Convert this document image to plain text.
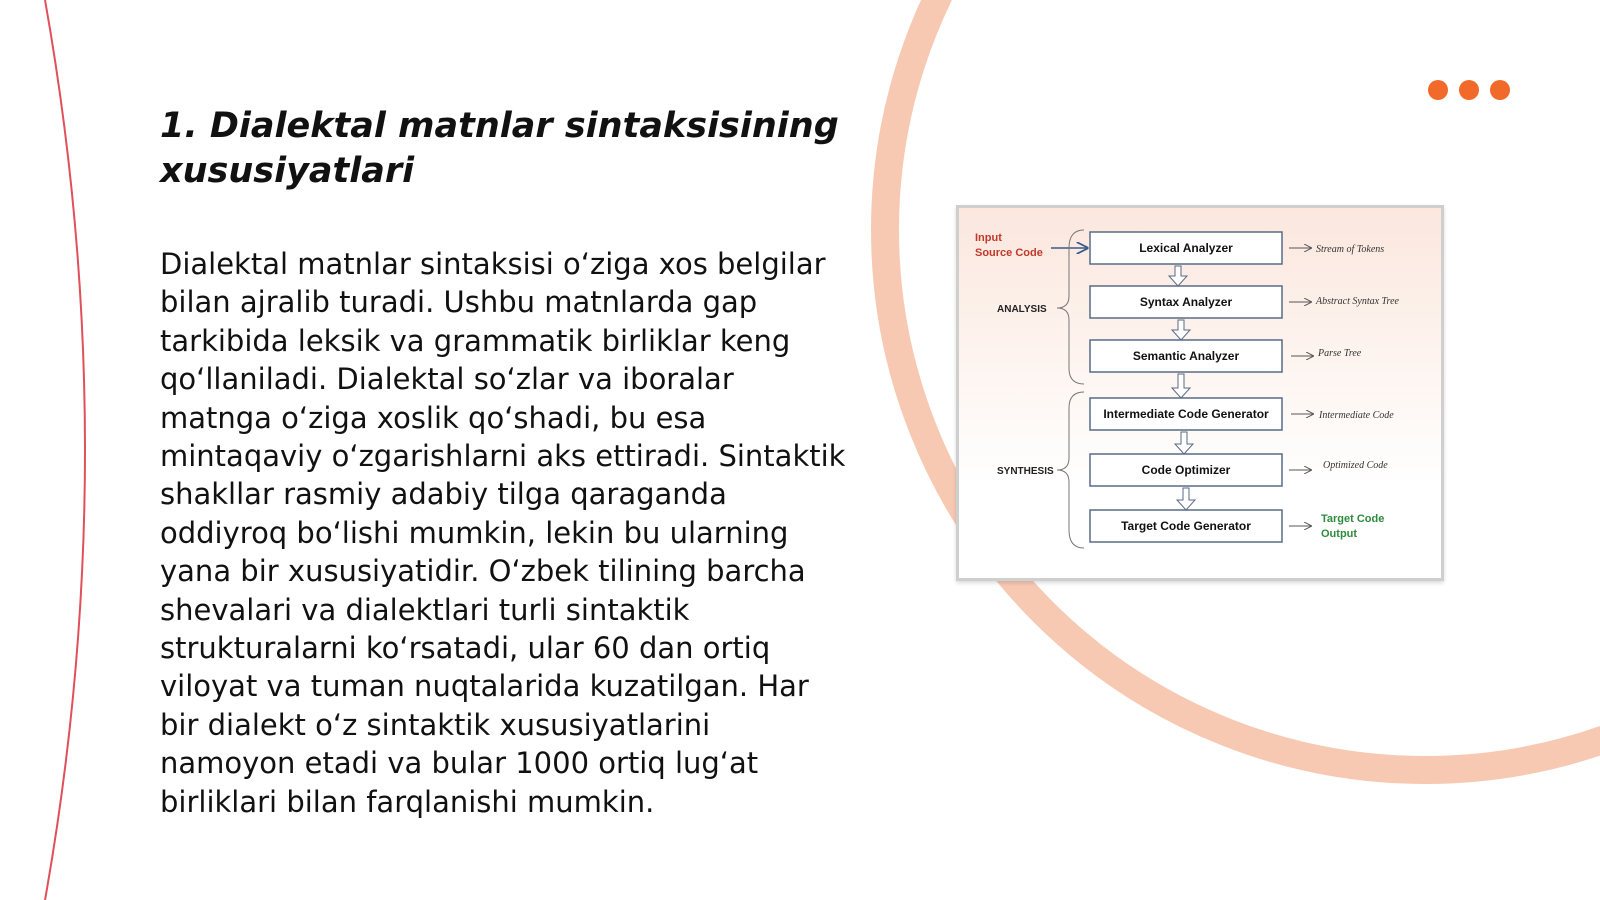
1. Dialektal matnlar sintaksisining xususiyatlari

Dialektal matnlar sintaksisi o‘ziga xos belgilar bilan ajralib turadi. Ushbu matnlarda gap tarkibida leksik va grammatik birliklar keng qo‘llaniladi. Dialektal so‘zlar va iboralar matnga o‘ziga xoslik qo‘shadi, bu esa mintaqaviy o‘zgarishlarni aks ettiradi. Sintaktik shakllar rasmiy adabiy tilga qaraganda oddiyroq bo‘lishi mumkin, lekin bu ularning yana bir xususiyatidir. O‘zbek tilining barcha shevalari va dialektlari turli sintaktik strukturalarni ko‘rsatadi, ular 60 dan ortiq viloyat va tuman nuqtalarida kuzatilgan. Har bir dialekt o‘z sintaktik xususiyatlarini namoyon etadi va bular 1000 ortiq lug‘at birliklari bilan farqlanishi mumkin.

Input
Source Code
ANALYSIS
SYNTHESIS
Lexical Analyzer	Stream of Tokens
Syntax Analyzer	Abstract Syntax Tree
Semantic Analyzer	Parse Tree
Intermediate Code Generator	Intermediate Code
Code Optimizer	Optimized Code
Target Code Generator	Target Code
Output
